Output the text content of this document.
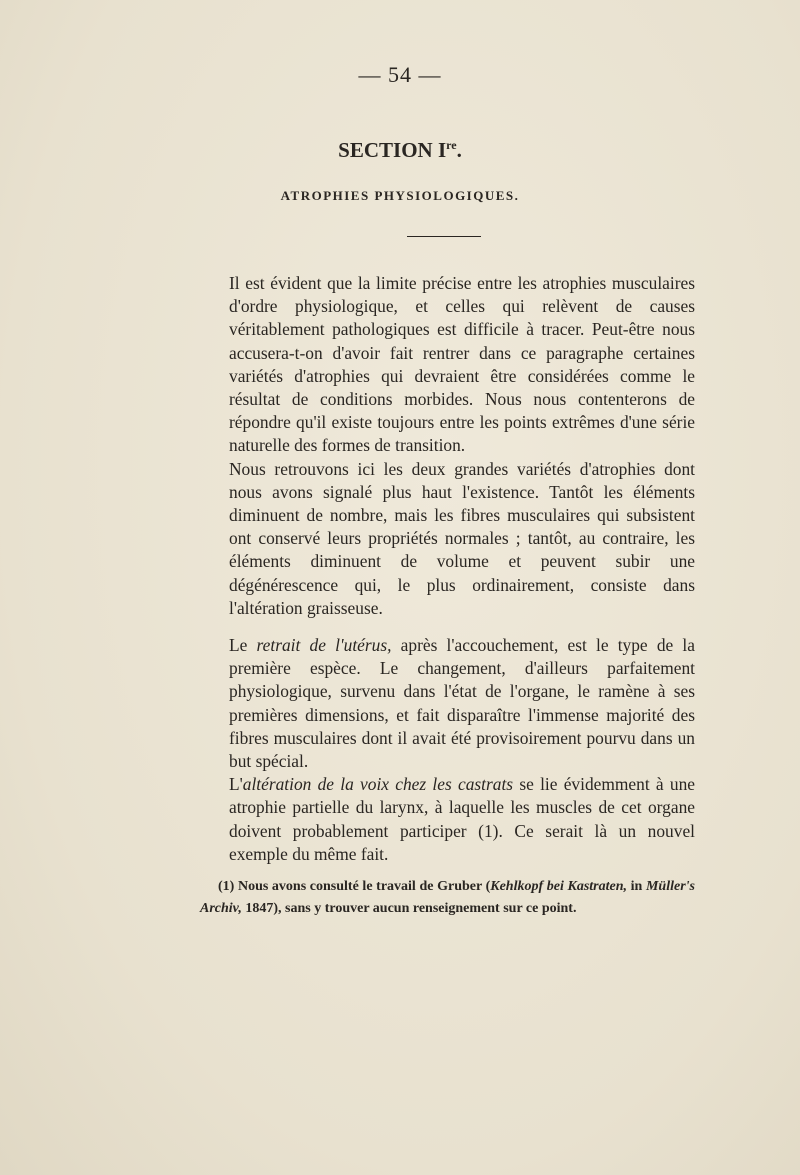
— 54 —
SECTION Ire.
ATROPHIES PHYSIOLOGIQUES.

Il est évident que la limite précise entre les atrophies musculaires d'ordre physiologique, et celles qui relèvent de causes véritablement pathologiques est difficile à tracer. Peut-être nous accusera-t-on d'avoir fait rentrer dans ce paragraphe certaines variétés d'atrophies qui devraient être considérées comme le résultat de conditions morbides. Nous nous contenterons de répondre qu'il existe toujours entre les points extrêmes d'une série naturelle des formes de transition.

Nous retrouvons ici les deux grandes variétés d'atrophies dont nous avons signalé plus haut l'existence. Tantôt les éléments diminuent de nombre, mais les fibres musculaires qui subsistent ont conservé leurs propriétés normales ; tantôt, au contraire, les éléments diminuent de volume et peuvent subir une dégénérescence qui, le plus ordinairement, consiste dans l'altération graisseuse.

Le retrait de l'utérus, après l'accouchement, est le type de la première espèce. Le changement, d'ailleurs parfaitement physiologique, survenu dans l'état de l'organe, le ramène à ses premières dimensions, et fait disparaître l'immense majorité des fibres musculaires dont il avait été provisoirement pourvu dans un but spécial.

L'altération de la voix chez les castrats se lie évidemment à une atrophie partielle du larynx, à laquelle les muscles de cet organe doivent probablement participer (1). Ce serait là un nouvel exemple du même fait.

(1) Nous avons consulté le travail de Gruber (Kehlkopf bei Kastraten, in Müller's Archiv, 1847), sans y trouver aucun renseignement sur ce point.
